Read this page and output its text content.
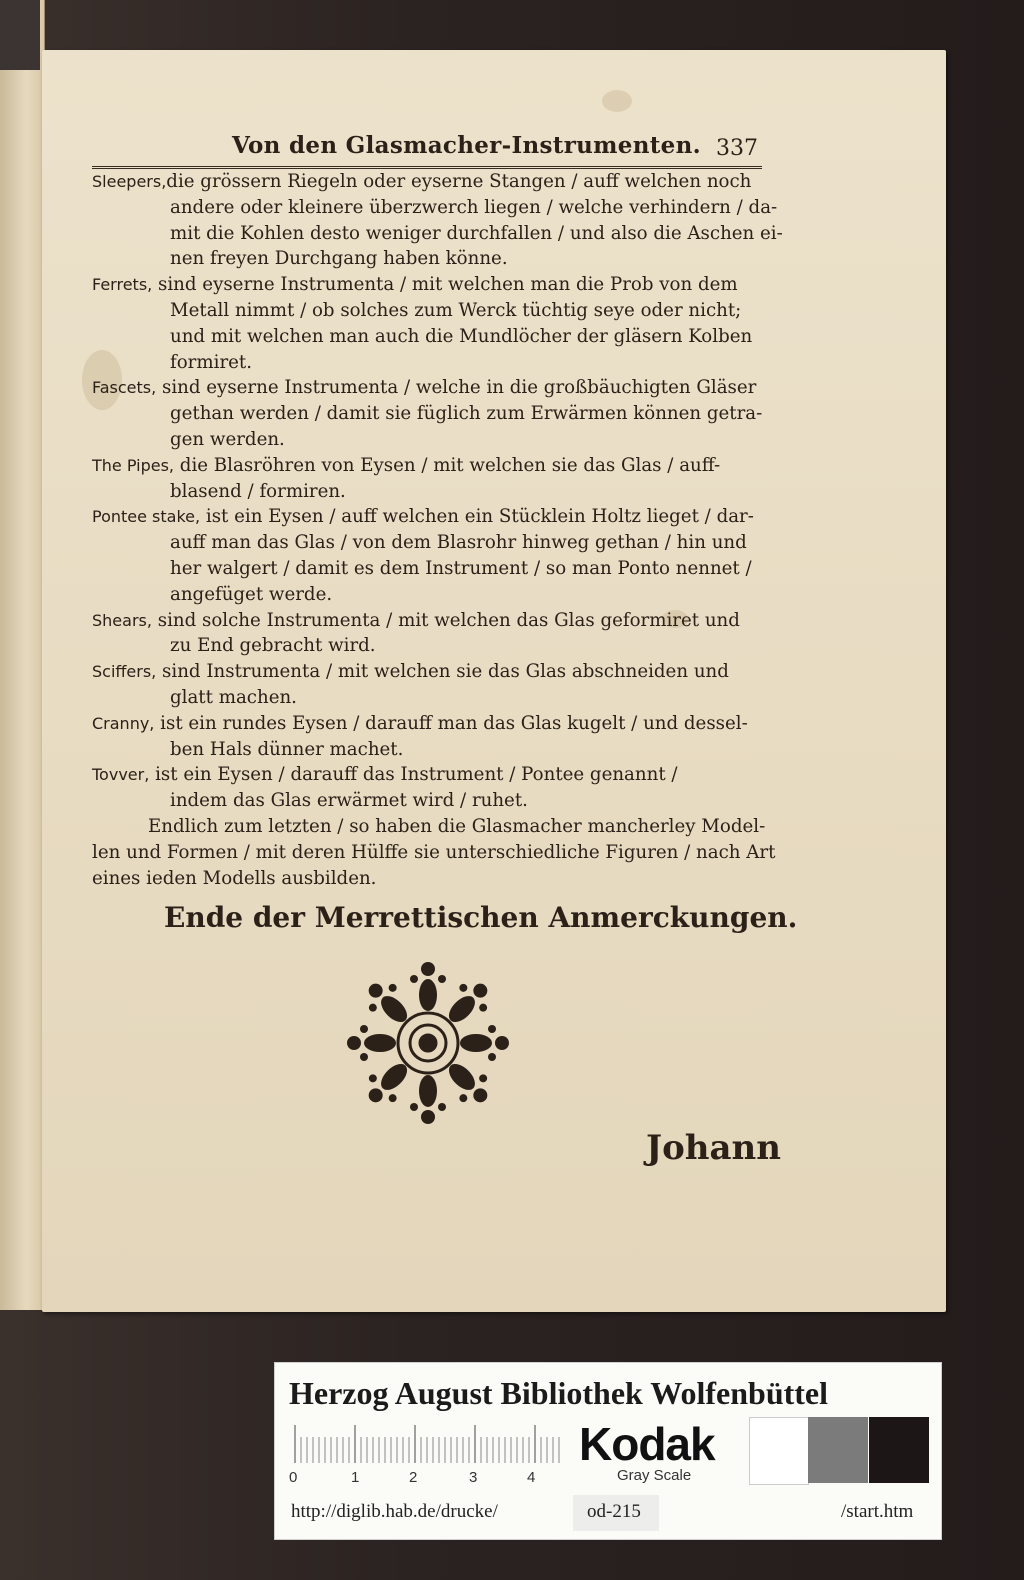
Von den Glasmacher-Instrumenten. 337
Sleepers,die grössern Riegeln oder eyserne Stangen / auff welchen noch
andere oder kleinere überzwerch liegen / welche verhindern / da-
mit die Kohlen desto weniger durchfallen / und also die Aschen ei-
nen freyen Durchgang haben könne.
Ferrets, sind eyserne Instrumenta / mit welchen man die Prob von dem
Metall nimmt / ob solches zum Werck tüchtig seye oder nicht;
und mit welchen man auch die Mundlöcher der gläsern Kolben
formiret.
Fascets, sind eyserne Instrumenta / welche in die großbäuchigten Gläser
gethan werden / damit sie füglich zum Erwärmen können getra-
gen werden.
The Pipes, die Blasröhren von Eysen / mit welchen sie das Glas / auff-
blasend / formiren.
Pontee stake, ist ein Eysen / auff welchen ein Stücklein Holtz lieget / dar-
auff man das Glas / von dem Blasrohr hinweg gethan / hin und
her walgert / damit es dem Instrument / so man Ponto nennet /
angefüget werde.
Shears, sind solche Instrumenta / mit welchen das Glas geformiret und
zu End gebracht wird.
Sciffers, sind Instrumenta / mit welchen sie das Glas abschneiden und
glatt machen.
Cranny, ist ein rundes Eysen / darauff man das Glas kugelt / und dessel-
ben Hals dünner machet.
Tovver, ist ein Eysen / darauff das Instrument / Pontee genannt /
indem das Glas erwärmet wird / ruhet.
Endlich zum letzten / so haben die Glasmacher mancherley Model-
len und Formen / mit deren Hülffe sie unterschiedliche Figuren / nach Art
eines ieden Modells ausbilden.
Ende der Merrettischen Anmerckungen.
Johann
Herzog August Bibliothek Wolfenbüttel
0	1	2	3	4
Kodak
Gray Scale
http://diglib.hab.de/drucke/	od-215	/start.htm
